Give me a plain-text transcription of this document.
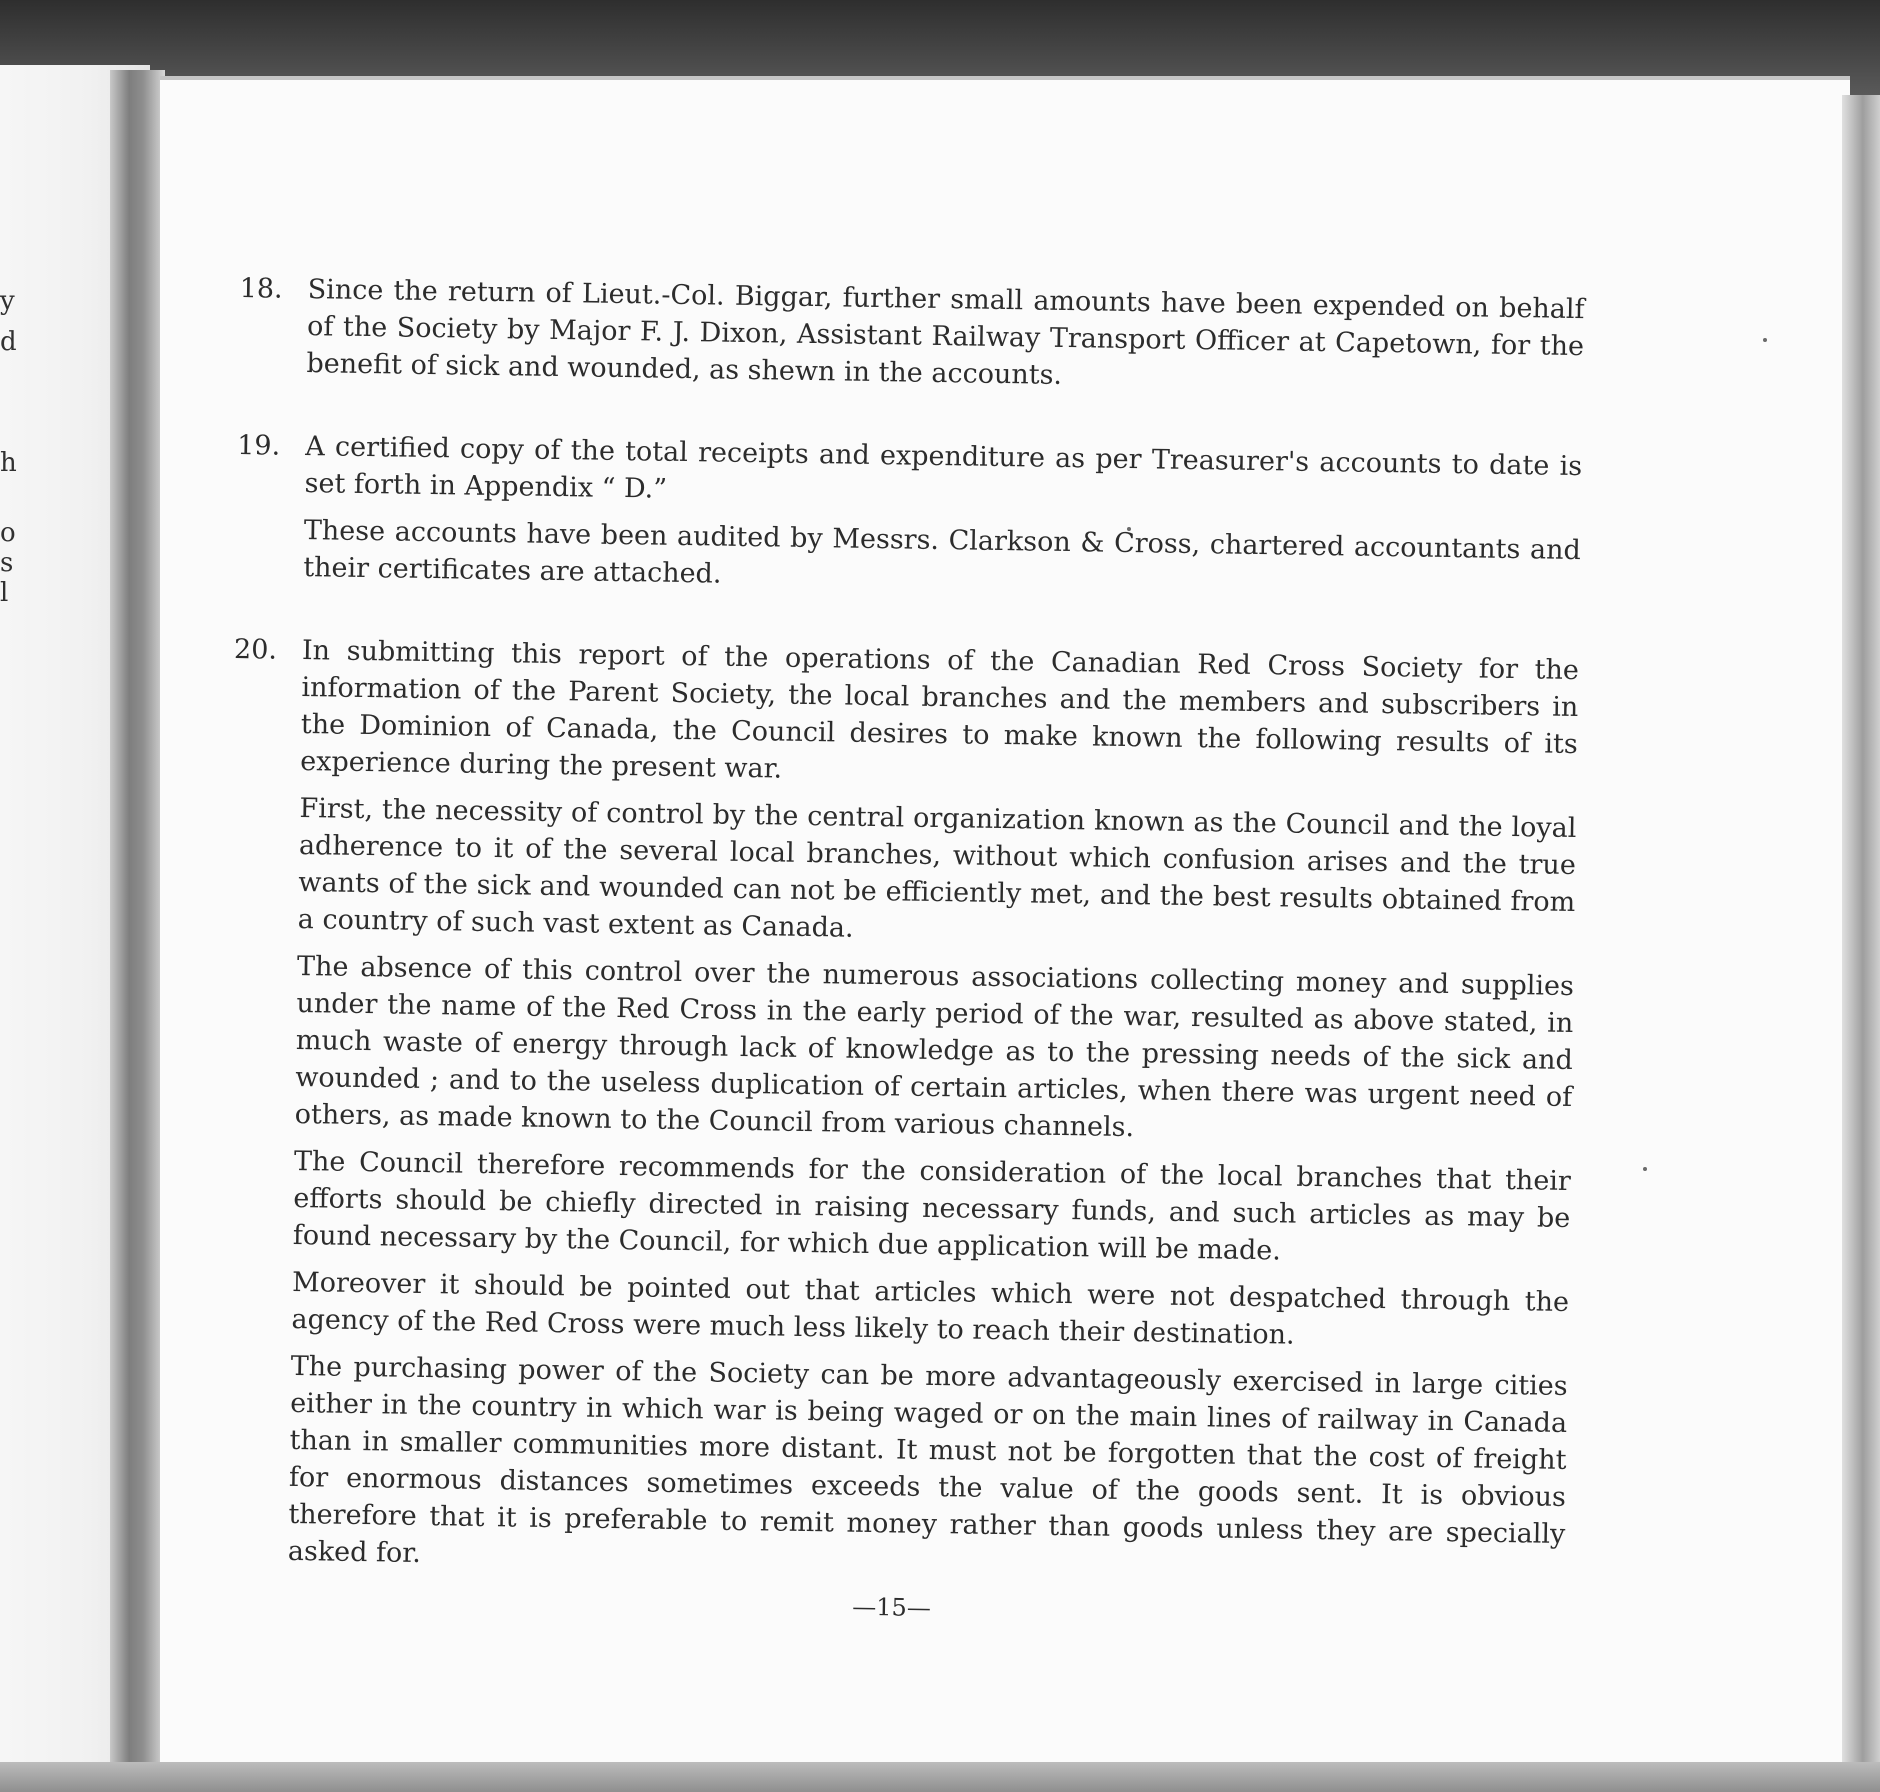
y
d
h
o
s
l
18. Since the return of Lieut.-Col. Biggar, further small amounts have been expended on behalf of the Society by Major F. J. Dixon, Assistant Railway Transport Officer at Capetown, for the benefit of sick and wounded, as shewn in the accounts.

19. A certified copy of the total receipts and expenditure as per Treasurer's accounts to date is set forth in Appendix “ D.”

These accounts have been audited by Messrs. Clarkson & Cross, chartered accountants and their certificates are attached.

20. In submitting this report of the operations of the Canadian Red Cross Society for the information of the Parent Society, the local branches and the members and subscribers in the Dominion of Canada, the Council desires to make known the following results of its experience during the present war.

First, the necessity of control by the central organization known as the Council and the loyal adherence to it of the several local branches, without which confusion arises and the true wants of the sick and wounded can not be efficiently met, and the best results obtained from a country of such vast extent as Canada.

The absence of this control over the numerous associations collecting money and supplies under the name of the Red Cross in the early period of the war, resulted as above stated, in much waste of energy through lack of knowledge as to the pressing needs of the sick and wounded ; and to the useless duplication of certain articles, when there was urgent need of others, as made known to the Council from various channels.

The Council therefore recommends for the consideration of the local branches that their efforts should be chiefly directed in raising necessary funds, and such articles as may be found necessary by the Council, for which due application will be made.

Moreover it should be pointed out that articles which were not despatched through the agency of the Red Cross were much less likely to reach their destination.

The purchasing power of the Society can be more advantageously exercised in large cities either in the country in which war is being waged or on the main lines of railway in Canada than in smaller communities more distant. It must not be forgotten that the cost of freight for enormous distances sometimes exceeds the value of the goods sent. It is obvious therefore that it is preferable to remit money rather than goods unless they are specially asked for.

—15—
